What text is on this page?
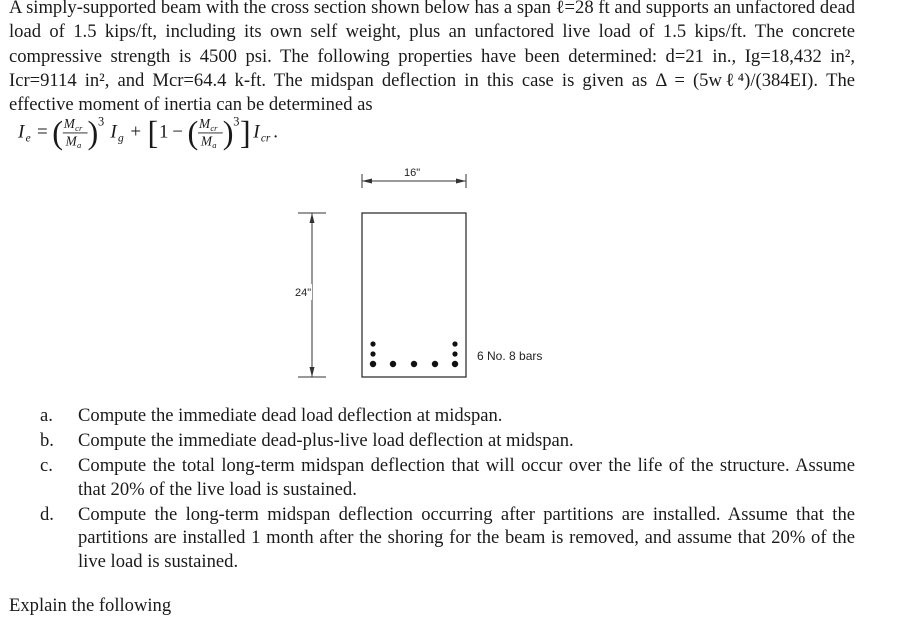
A simply-supported beam with the cross section shown below has a span ℓ=28 ft and supports an unfactored dead load of 1.5 kips/ft, including its own self weight, plus an unfactored live load of 1.5 kips/ft. The concrete compressive strength is 4500 psi. The following properties have been determined: d=21 in., Ig=18,432 in², Icr=9114 in², and Mcr=64.4 k-ft. The midspan deflection in this case is given as Δ = (5wℓ⁴)/(384EI). The effective moment of inertia can be determined as
I e = ( M cr
M a ) 3
I g + [ 1 − ( M cr
M a ) 3 ] I cr .
16"
24"
6 No. 8 bars
a. Compute the immediate dead load deflection at midspan.
b. Compute the immediate dead-plus-live load deflection at midspan.
c. Compute the total long-term midspan deflection that will occur over the life of the structure. Assume that 20% of the live load is sustained.
d. Compute the long-term midspan deflection occurring after partitions are installed. Assume that the partitions are installed 1 month after the shoring for the beam is removed, and assume that 20% of the live load is sustained.
Explain the following
